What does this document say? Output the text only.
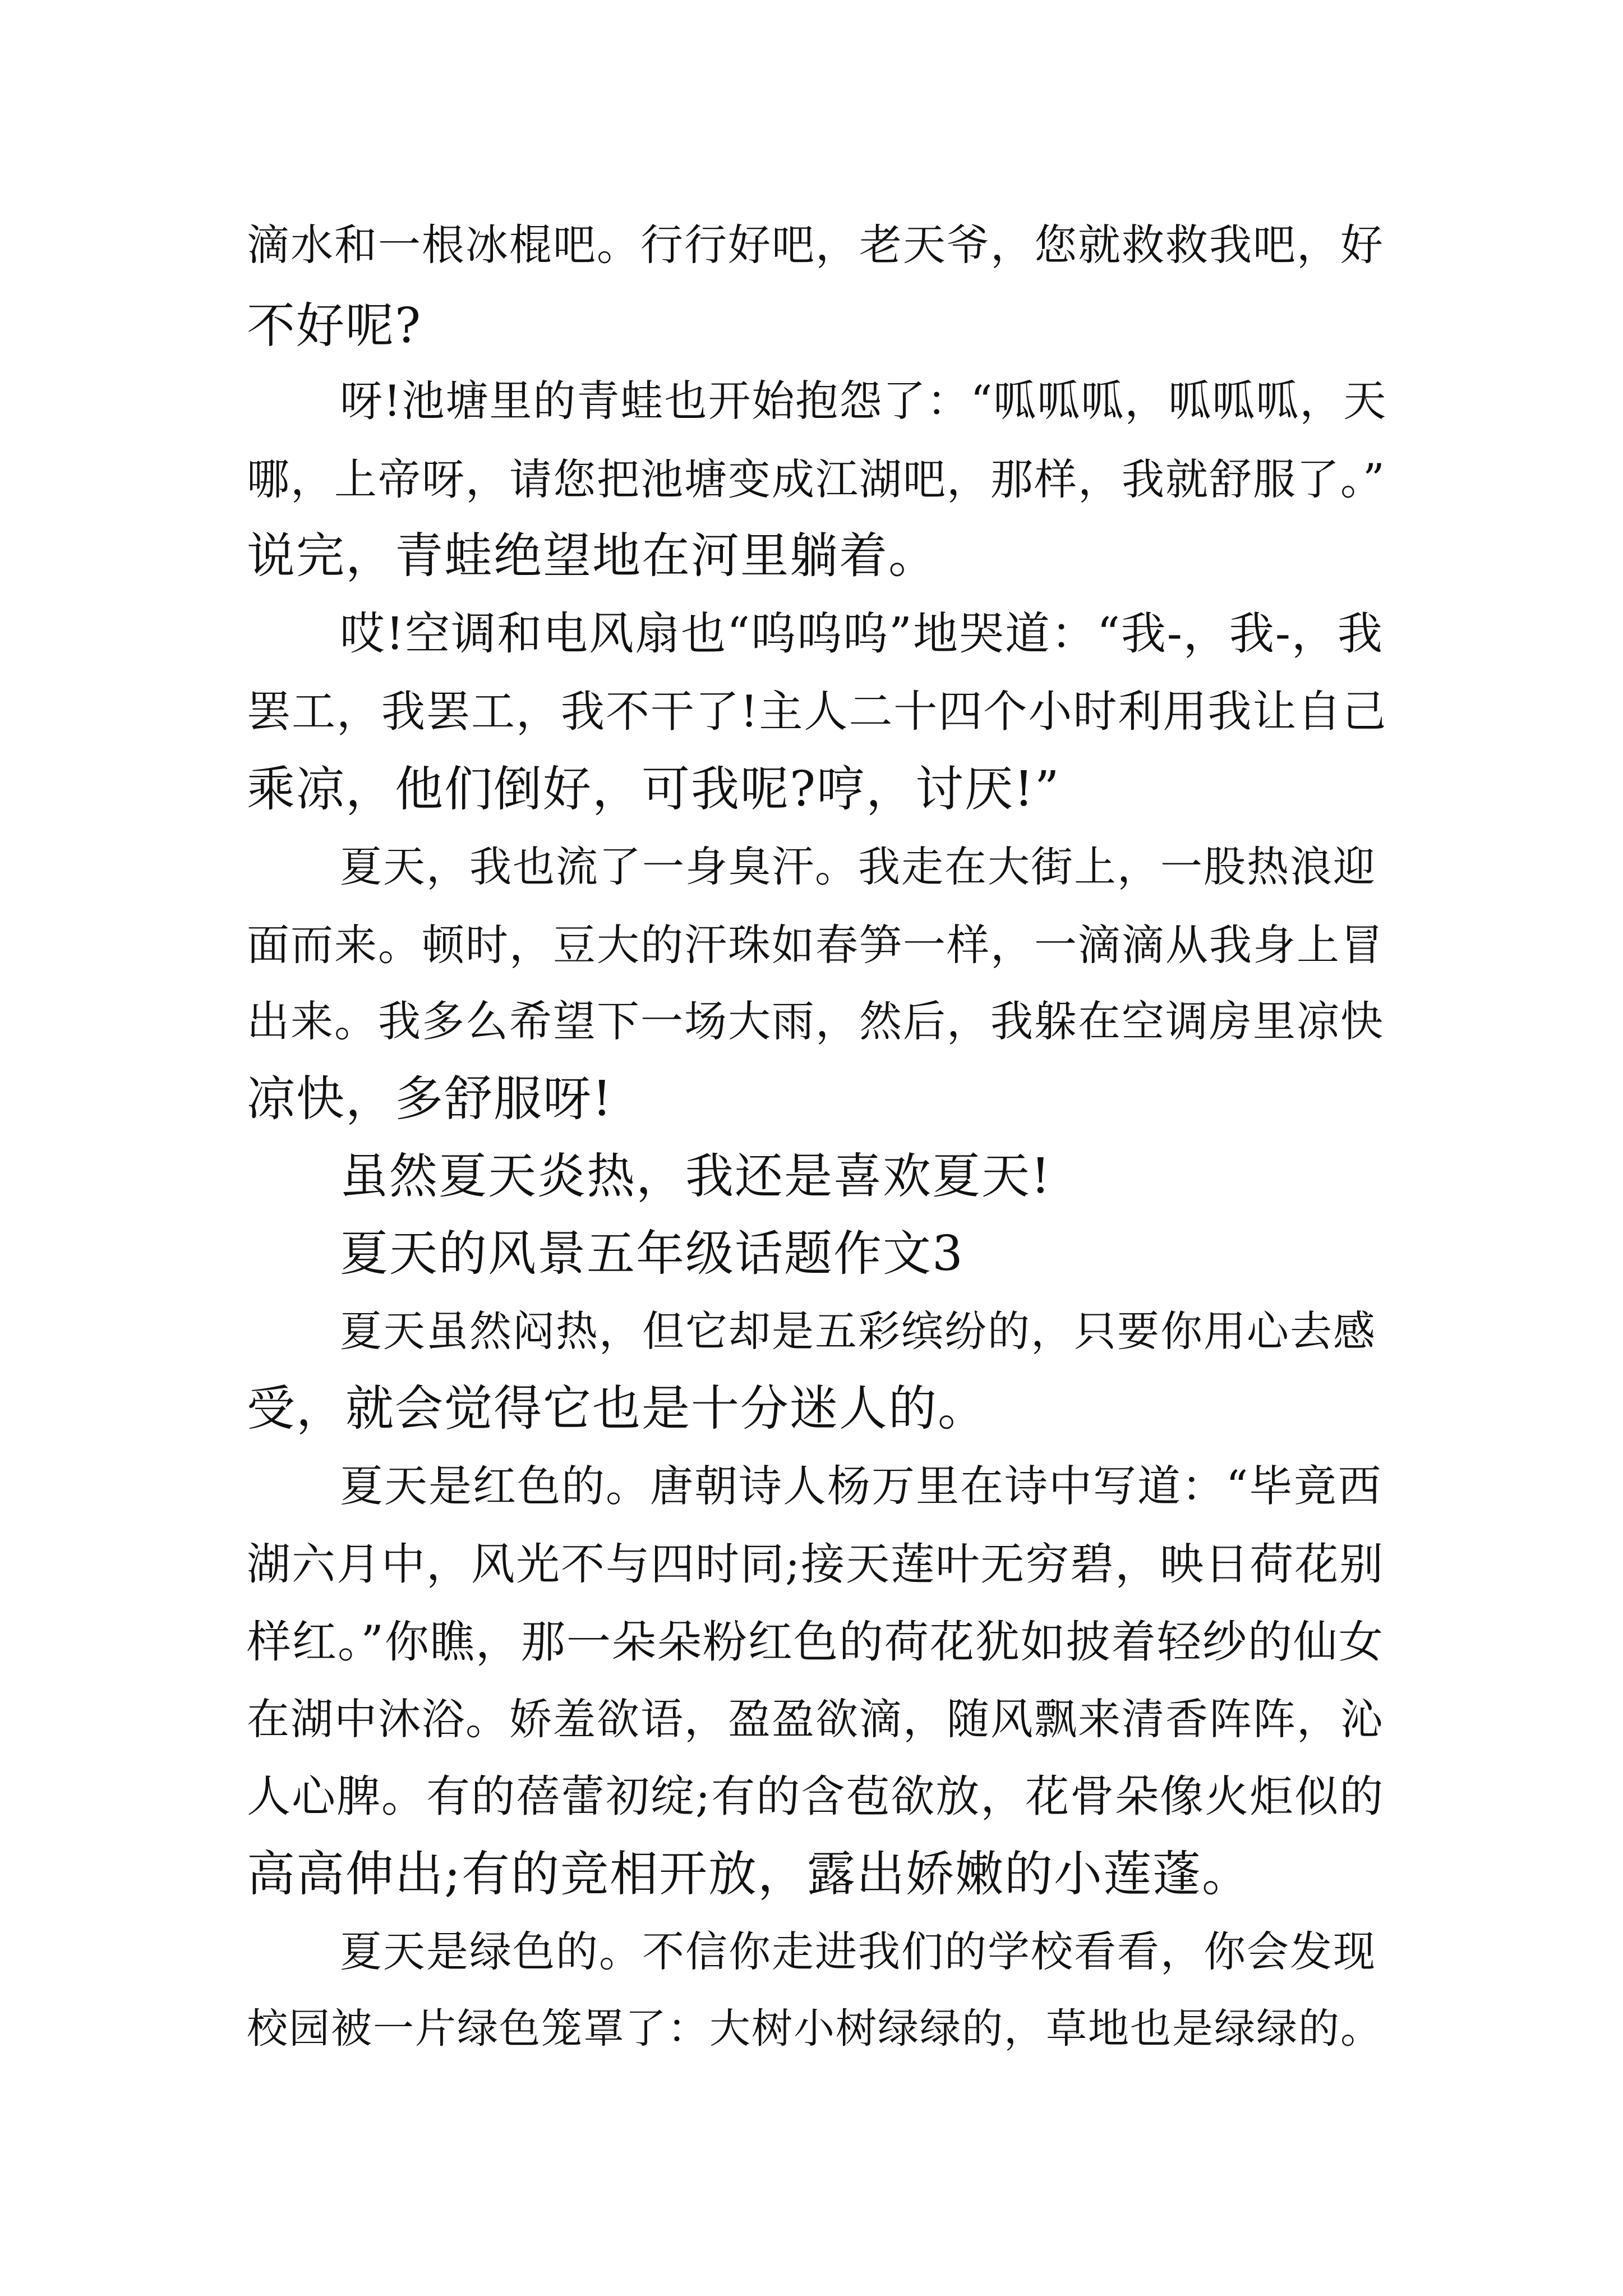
滴水和一根冰棍吧。行行好吧，老天爷，您就救救我吧，好

不好呢?

呀!池塘里的青蛙也开始抱怨了：“呱呱呱，呱呱呱，天

哪，上帝呀，请您把池塘变成江湖吧，那样，我就舒服了。”

说完，青蛙绝望地在河里躺着。

哎!空调和电风扇也“呜呜呜”地哭道：“我-，我-，我

罢工，我罢工，我不干了!主人二十四个小时利用我让自己

乘凉，他们倒好，可我呢?哼，讨厌!”

夏天，我也流了一身臭汗。我走在大街上，一股热浪迎

面而来。顿时，豆大的汗珠如春笋一样，一滴滴从我身上冒

出来。我多么希望下一场大雨，然后，我躲在空调房里凉快

凉快，多舒服呀!

虽然夏天炎热，我还是喜欢夏天!

夏天的风景五年级话题作文3

夏天虽然闷热，但它却是五彩缤纷的，只要你用心去感

受，就会觉得它也是十分迷人的。

夏天是红色的。唐朝诗人杨万里在诗中写道：“毕竟西

湖六月中，风光不与四时同;接天莲叶无穷碧，映日荷花别

样红。”你瞧，那一朵朵粉红色的荷花犹如披着轻纱的仙女

在湖中沐浴。娇羞欲语，盈盈欲滴，随风飘来清香阵阵，沁

人心脾。有的蓓蕾初绽;有的含苞欲放，花骨朵像火炬似的

高高伸出;有的竞相开放，露出娇嫩的小莲蓬。

夏天是绿色的。不信你走进我们的学校看看，你会发现

校园被一片绿色笼罩了：大树小树绿绿的，草地也是绿绿的。
